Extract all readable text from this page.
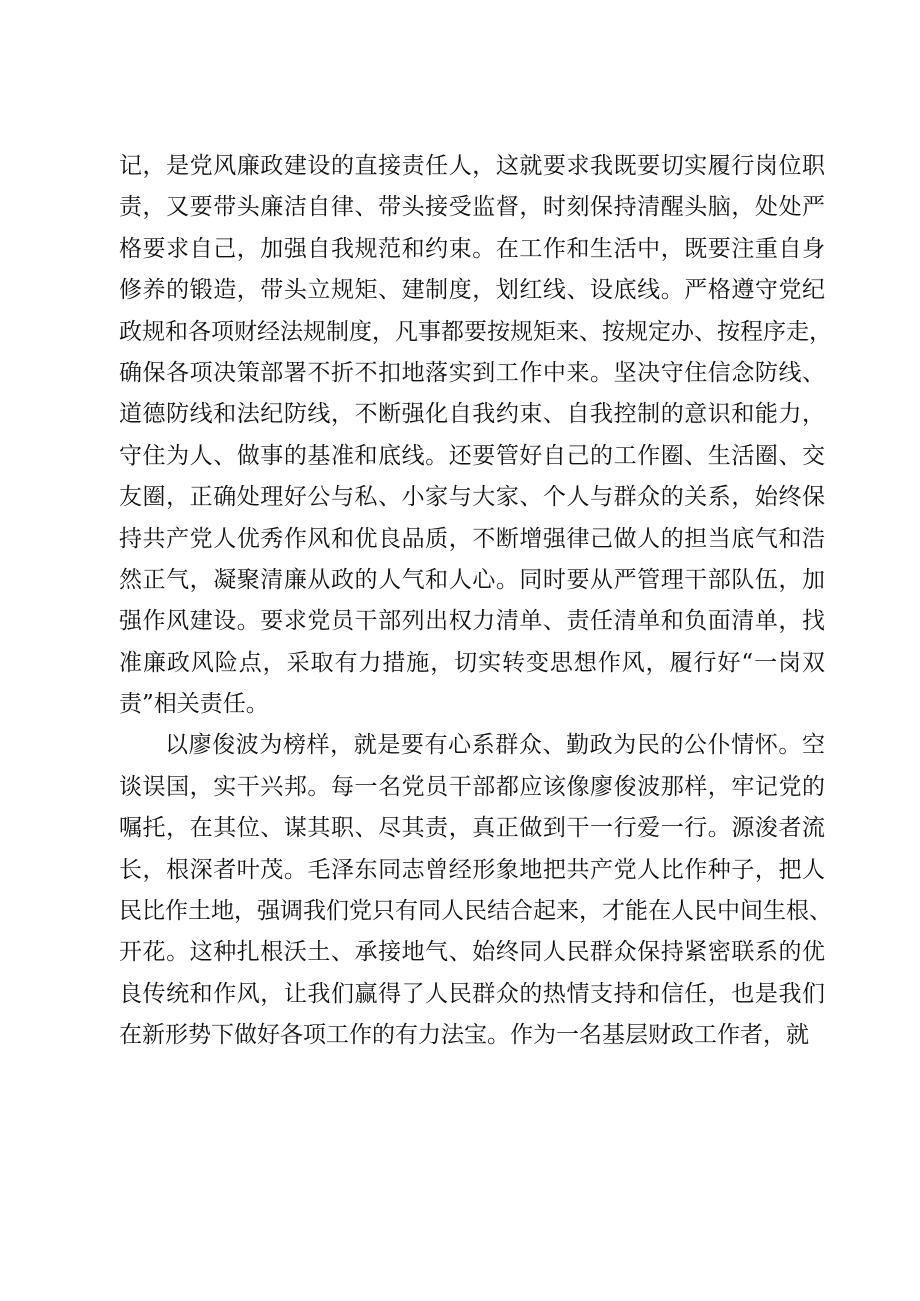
记，是党风廉政建设的直接责任人，这就要求我既要切实履行岗位职
责，又要带头廉洁自律、带头接受监督，时刻保持清醒头脑，处处严
格要求自己，加强自我规范和约束。在工作和生活中，既要注重自身
修养的锻造，带头立规矩、建制度，划红线、设底线。严格遵守党纪
政规和各项财经法规制度，凡事都要按规矩来、按规定办、按程序走，
确保各项决策部署不折不扣地落实到工作中来。坚决守住信念防线、
道德防线和法纪防线，不断强化自我约束、自我控制的意识和能力，
守住为人、做事的基准和底线。还要管好自己的工作圈、生活圈、交
友圈，正确处理好公与私、小家与大家、个人与群众的关系，始终保
持共产党人优秀作风和优良品质，不断增强律己做人的担当底气和浩
然正气，凝聚清廉从政的人气和人心。同时要从严管理干部队伍，加
强作风建设。要求党员干部列出权力清单、责任清单和负面清单，找
准廉政风险点，采取有力措施，切实转变思想作风，履行好“一岗双
责”相关责任。
以廖俊波为榜样，就是要有心系群众、勤政为民的公仆情怀。空
谈误国，实干兴邦。每一名党员干部都应该像廖俊波那样，牢记党的
嘱托，在其位、谋其职、尽其责，真正做到干一行爱一行。源浚者流
长，根深者叶茂。毛泽东同志曾经形象地把共产党人比作种子，把人
民比作土地，强调我们党只有同人民结合起来，才能在人民中间生根、
开花。这种扎根沃土、承接地气、始终同人民群众保持紧密联系的优
良传统和作风，让我们赢得了人民群众的热情支持和信任，也是我们
在新形势下做好各项工作的有力法宝。作为一名基层财政工作者，就
